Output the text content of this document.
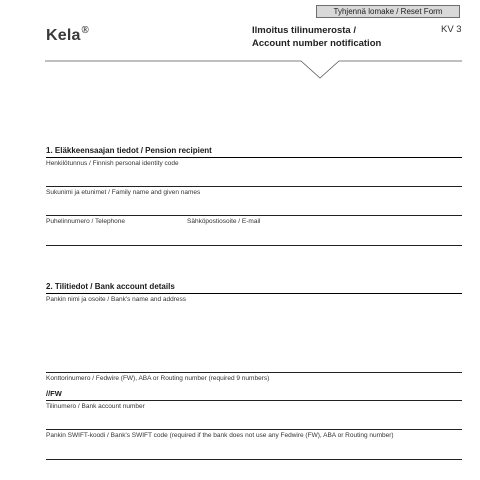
Tyhjennä lomake / Reset Form
KelaⓇ	Ilmoitus tilinumerosta /
Account number notification
KV 3
1. Eläkkeensaajan tiedot / Pension recipient
Henkilötunnus / Finnish personal identity code
Sukunimi ja etunimet / Family name and given names
Puhelinnumero / Telephone	Sähköpostiosoite / E-mail
2. Tilitiedot / Bank account details
Pankin nimi ja osoite / Bank's name and address
Konttorinumero / Fedwire (FW), ABA or Routing number (required 9 numbers)
//FW
Tilinumero / Bank account number
Pankin SWIFT-koodi / Bank's SWIFT code (required if the bank does not use any Fedwire (FW), ABA or Routing number)
